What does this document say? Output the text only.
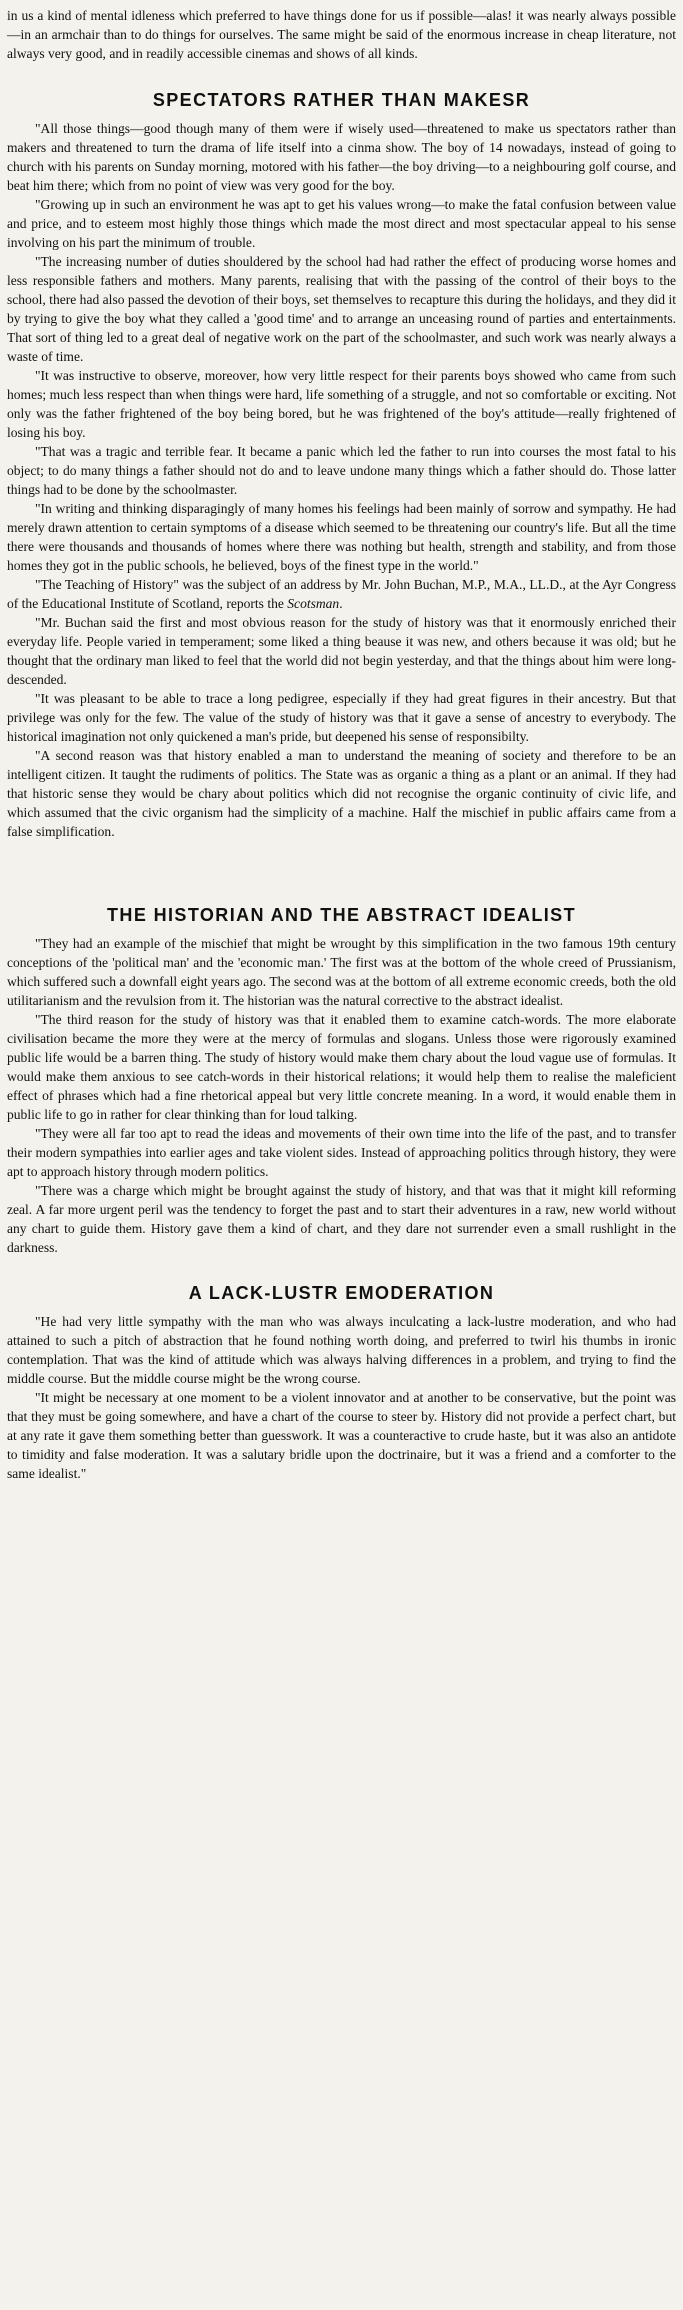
in us a kind of mental idleness which preferred to have things done for us if possible—alas! it was nearly always possible—in an armchair than to do things for ourselves. The same might be said of the enormous increase in cheap literature, not always very good, and in readily accessible cinemas and shows of all kinds.

SPECTATORS RATHER THAN MAKESR

"All those things—good though many of them were if wisely used—threatened to make us spectators rather than makers and threatened to turn the drama of life itself into a cinma show. The boy of 14 nowadays, instead of going to church with his parents on Sunday morning, motored with his father—the boy driving—to a neighbouring golf course, and beat him there; which from no point of view was very good for the boy.

"Growing up in such an environment he was apt to get his values wrong—to make the fatal confusion between value and price, and to esteem most highly those things which made the most direct and most spectacular appeal to his sense involving on his part the minimum of trouble.

"The increasing number of duties shouldered by the school had had rather the effect of producing worse homes and less responsible fathers and mothers. Many parents, realising that with the passing of the control of their boys to the school, there had also passed the devotion of their boys, set themselves to recapture this during the holidays, and they did it by trying to give the boy what they called a 'good time' and to arrange an unceasing round of parties and entertainments. That sort of thing led to a great deal of negative work on the part of the schoolmaster, and such work was nearly always a waste of time.

"It was instructive to observe, moreover, how very little respect for their parents boys showed who came from such homes; much less respect than when things were hard, life something of a struggle, and not so comfortable or exciting. Not only was the father frightened of the boy being bored, but he was frightened of the boy's attitude—really frightened of losing his boy.

"That was a tragic and terrible fear. It became a panic which led the father to run into courses the most fatal to his object; to do many things a father should not do and to leave undone many things which a father should do. Those latter things had to be done by the schoolmaster.

"In writing and thinking disparagingly of many homes his feelings had been mainly of sorrow and sympathy. He had merely drawn attention to certain symptoms of a disease which seemed to be threatening our country's life. But all the time there were thousands and thousands of homes where there was nothing but health, strength and stability, and from those homes they got in the public schools, he believed, boys of the finest type in the world."

"The Teaching of History" was the subject of an address by Mr. John Buchan, M.P., M.A., LL.D., at the Ayr Congress of the Educational Institute of Scotland, reports the Scotsman.

"Mr. Buchan said the first and most obvious reason for the study of history was that it enormously enriched their everyday life. People varied in temperament; some liked a thing beause it was new, and others because it was old; but he thought that the ordinary man liked to feel that the world did not begin yesterday, and that the things about him were long-descended.

"It was pleasant to be able to trace a long pedigree, especially if they had great figures in their ancestry. But that privilege was only for the few. The value of the study of history was that it gave a sense of ancestry to everybody. The historical imagination not only quickened a man's pride, but deepened his sense of responsibilty.

"A second reason was that history enabled a man to understand the meaning of society and therefore to be an intelligent citizen. It taught the rudiments of politics. The State was as organic a thing as a plant or an animal. If they had that historic sense they would be chary about politics which did not recognise the organic continuity of civic life, and which assumed that the civic organism had the simplicity of a machine. Half the mischief in public affairs came from a false simplification.

THE HISTORIAN AND THE ABSTRACT IDEALIST

"They had an example of the mischief that might be wrought by this simplification in the two famous 19th century conceptions of the 'political man' and the 'economic man.' The first was at the bottom of the whole creed of Prussianism, which suffered such a downfall eight years ago. The second was at the bottom of all extreme economic creeds, both the old utilitarianism and the revulsion from it. The historian was the natural corrective to the abstract idealist.

"The third reason for the study of history was that it enabled them to examine catch-words. The more elaborate civilisation became the more they were at the mercy of formulas and slogans. Unless those were rigorously examined public life would be a barren thing. The study of history would make them chary about the loud vague use of formulas. It would make them anxious to see catch-words in their historical relations; it would help them to realise the maleficient effect of phrases which had a fine rhetorical appeal but very little concrete meaning. In a word, it would enable them in public life to go in rather for clear thinking than for loud talking.

"They were all far too apt to read the ideas and movements of their own time into the life of the past, and to transfer their modern sympathies into earlier ages and take violent sides. Instead of approaching politics through history, they were apt to approach history through modern politics.

"There was a charge which might be brought against the study of history, and that was that it might kill reforming zeal. A far more urgent peril was the tendency to forget the past and to start their adventures in a raw, new world without any chart to guide them. History gave them a kind of chart, and they dare not surrender even a small rushlight in the darkness.

A LACK-LUSTR EMODERATION

"He had very little sympathy with the man who was always inculcating a lack-lustre moderation, and who had attained to such a pitch of abstraction that he found nothing worth doing, and preferred to twirl his thumbs in ironic contemplation. That was the kind of attitude which was always halving differences in a problem, and trying to find the middle course. But the middle course might be the wrong course.

"It might be necessary at one moment to be a violent innovator and at another to be conservative, but the point was that they must be going somewhere, and have a chart of the course to steer by. History did not provide a perfect chart, but at any rate it gave them something better than guesswork. It was a counteractive to crude haste, but it was also an antidote to timidity and false moderation. It was a salutary bridle upon the doctrinaire, but it was a friend and a comforter to the same idealist."
